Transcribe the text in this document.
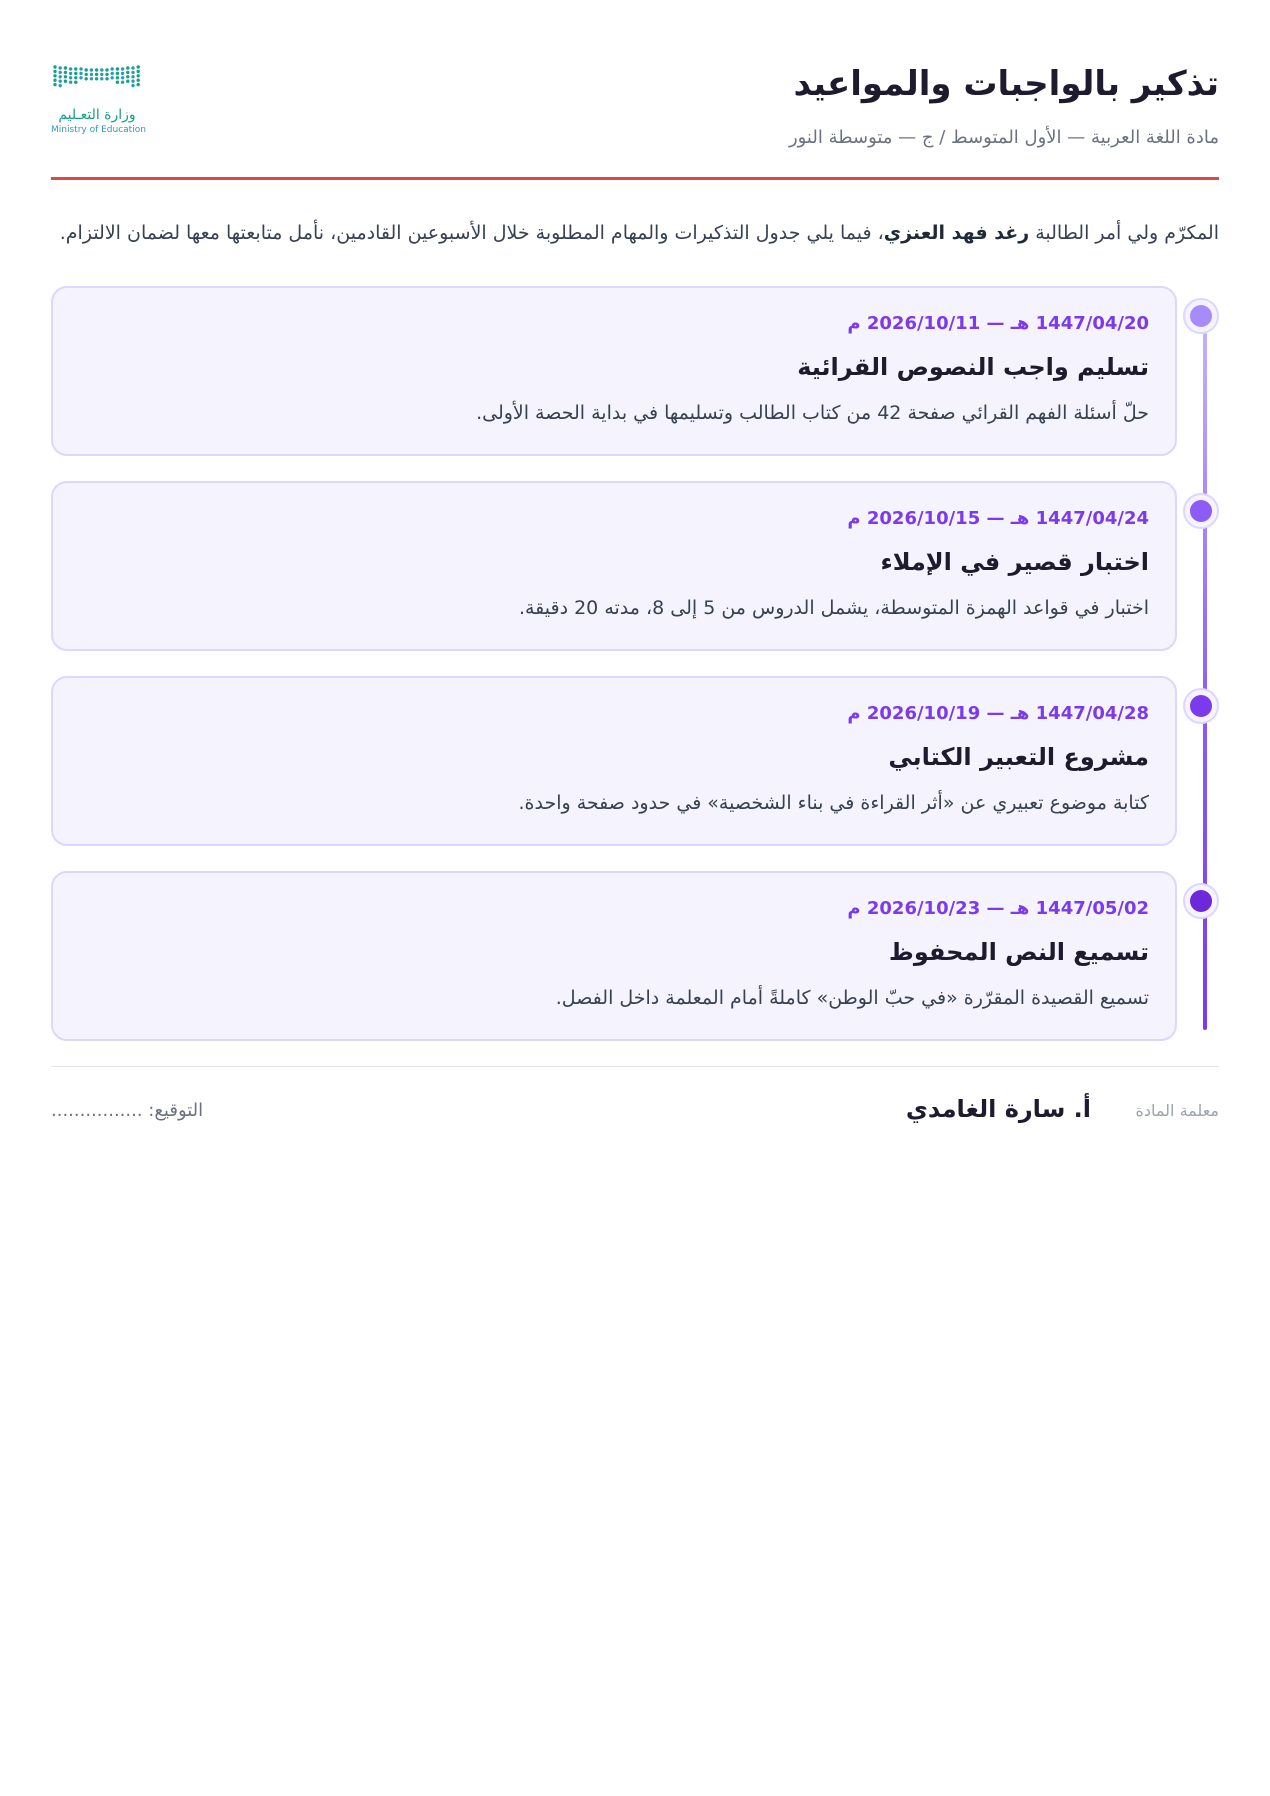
تذكير بالواجبات والمواعيد
مادة اللغة العربية — الأول المتوسط / ج — متوسطة النور
وزارة التعـليم
Ministry of Education

المكرّم ولي أمر الطالبة رغد فهد العنزي، فيما يلي جدول التذكيرات والمهام المطلوبة خلال الأسبوعين القادمين، نأمل متابعتها معها لضمان الالتزام.

1447/04/20 هـ — 2026/10/11 م
تسليم واجب النصوص القرائية
حلّ أسئلة الفهم القرائي صفحة 42 من كتاب الطالب وتسليمها في بداية الحصة الأولى.
1447/04/24 هـ — 2026/10/15 م
اختبار قصير في الإملاء
اختبار في قواعد الهمزة المتوسطة، يشمل الدروس من 5 إلى 8، مدته 20 دقيقة.
1447/04/28 هـ — 2026/10/19 م
مشروع التعبير الكتابي
كتابة موضوع تعبيري عن «أثر القراءة في بناء الشخصية» في حدود صفحة واحدة.
1447/05/02 هـ — 2026/10/23 م
تسميع النص المحفوظ
تسميع القصيدة المقرّرة «في حبّ الوطن» كاملةً أمام المعلمة داخل الفصل.
معلمة المادة
أ. سارة الغامدي
التوقيع: ................
